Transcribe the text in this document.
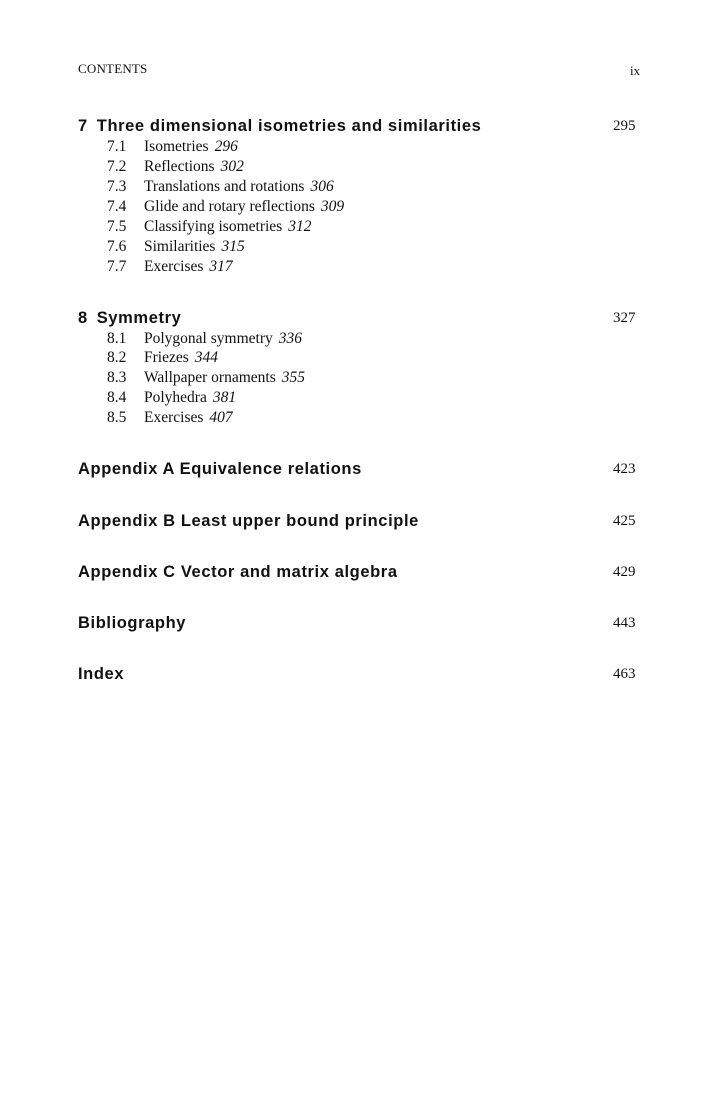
CONTENTS	ix
7 Three dimensional isometries and similarities	295
7.1 Isometries 296
7.2 Reflections 302
7.3 Translations and rotations 306
7.4 Glide and rotary reflections 309
7.5 Classifying isometries 312
7.6 Similarities 315
7.7 Exercises 317
8 Symmetry	327
8.1 Polygonal symmetry 336
8.2 Friezes 344
8.3 Wallpaper ornaments 355
8.4 Polyhedra 381
8.5 Exercises 407
Appendix A Equivalence relations	423
Appendix B Least upper bound principle	425
Appendix C Vector and matrix algebra	429
Bibliography	443
Index	463
